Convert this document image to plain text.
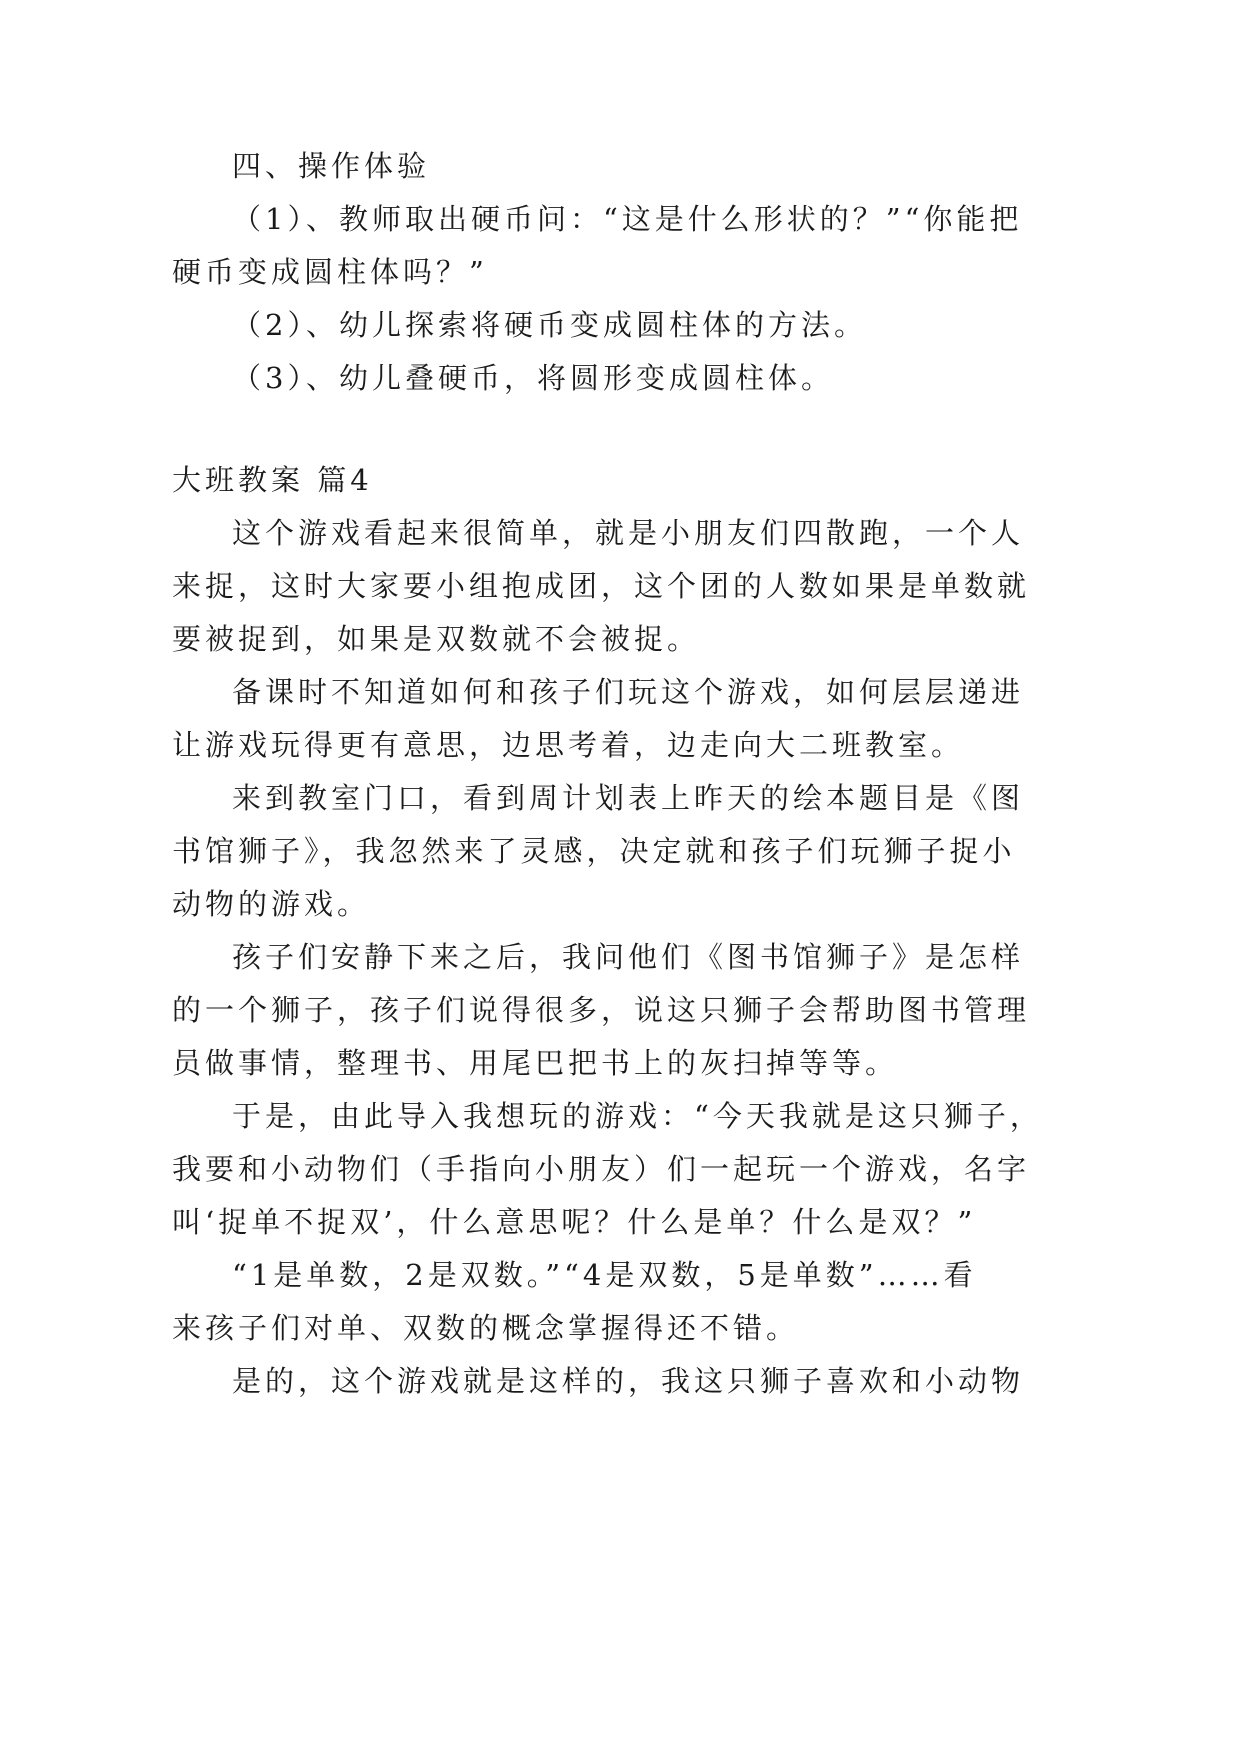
四、操作体验
（1）、教师取出硬币问：“这是什么形状的？”“你能把
硬币变成圆柱体吗？”
（2）、幼儿探索将硬币变成圆柱体的方法。
（3）、幼儿叠硬币，将圆形变成圆柱体。
大班教案 篇4
这个游戏看起来很简单，就是小朋友们四散跑，一个人
来捉，这时大家要小组抱成团，这个团的人数如果是单数就
要被捉到，如果是双数就不会被捉。
备课时不知道如何和孩子们玩这个游戏，如何层层递进
让游戏玩得更有意思，边思考着，边走向大二班教室。
来到教室门口，看到周计划表上昨天的绘本题目是《图
书馆狮子》，我忽然来了灵感，决定就和孩子们玩狮子捉小
动物的游戏。
孩子们安静下来之后，我问他们《图书馆狮子》是怎样
的一个狮子，孩子们说得很多，说这只狮子会帮助图书管理
员做事情，整理书、用尾巴把书上的灰扫掉等等。
于是，由此导入我想玩的游戏：“今天我就是这只狮子，
我要和小动物们（手指向小朋友）们一起玩一个游戏，名字
叫‘捉单不捉双’，什么意思呢？什么是单？什么是双？”
“1是单数，2是双数。”“4是双数，5是单数”……看
来孩子们对单、双数的概念掌握得还不错。
是的，这个游戏就是这样的，我这只狮子喜欢和小动物
